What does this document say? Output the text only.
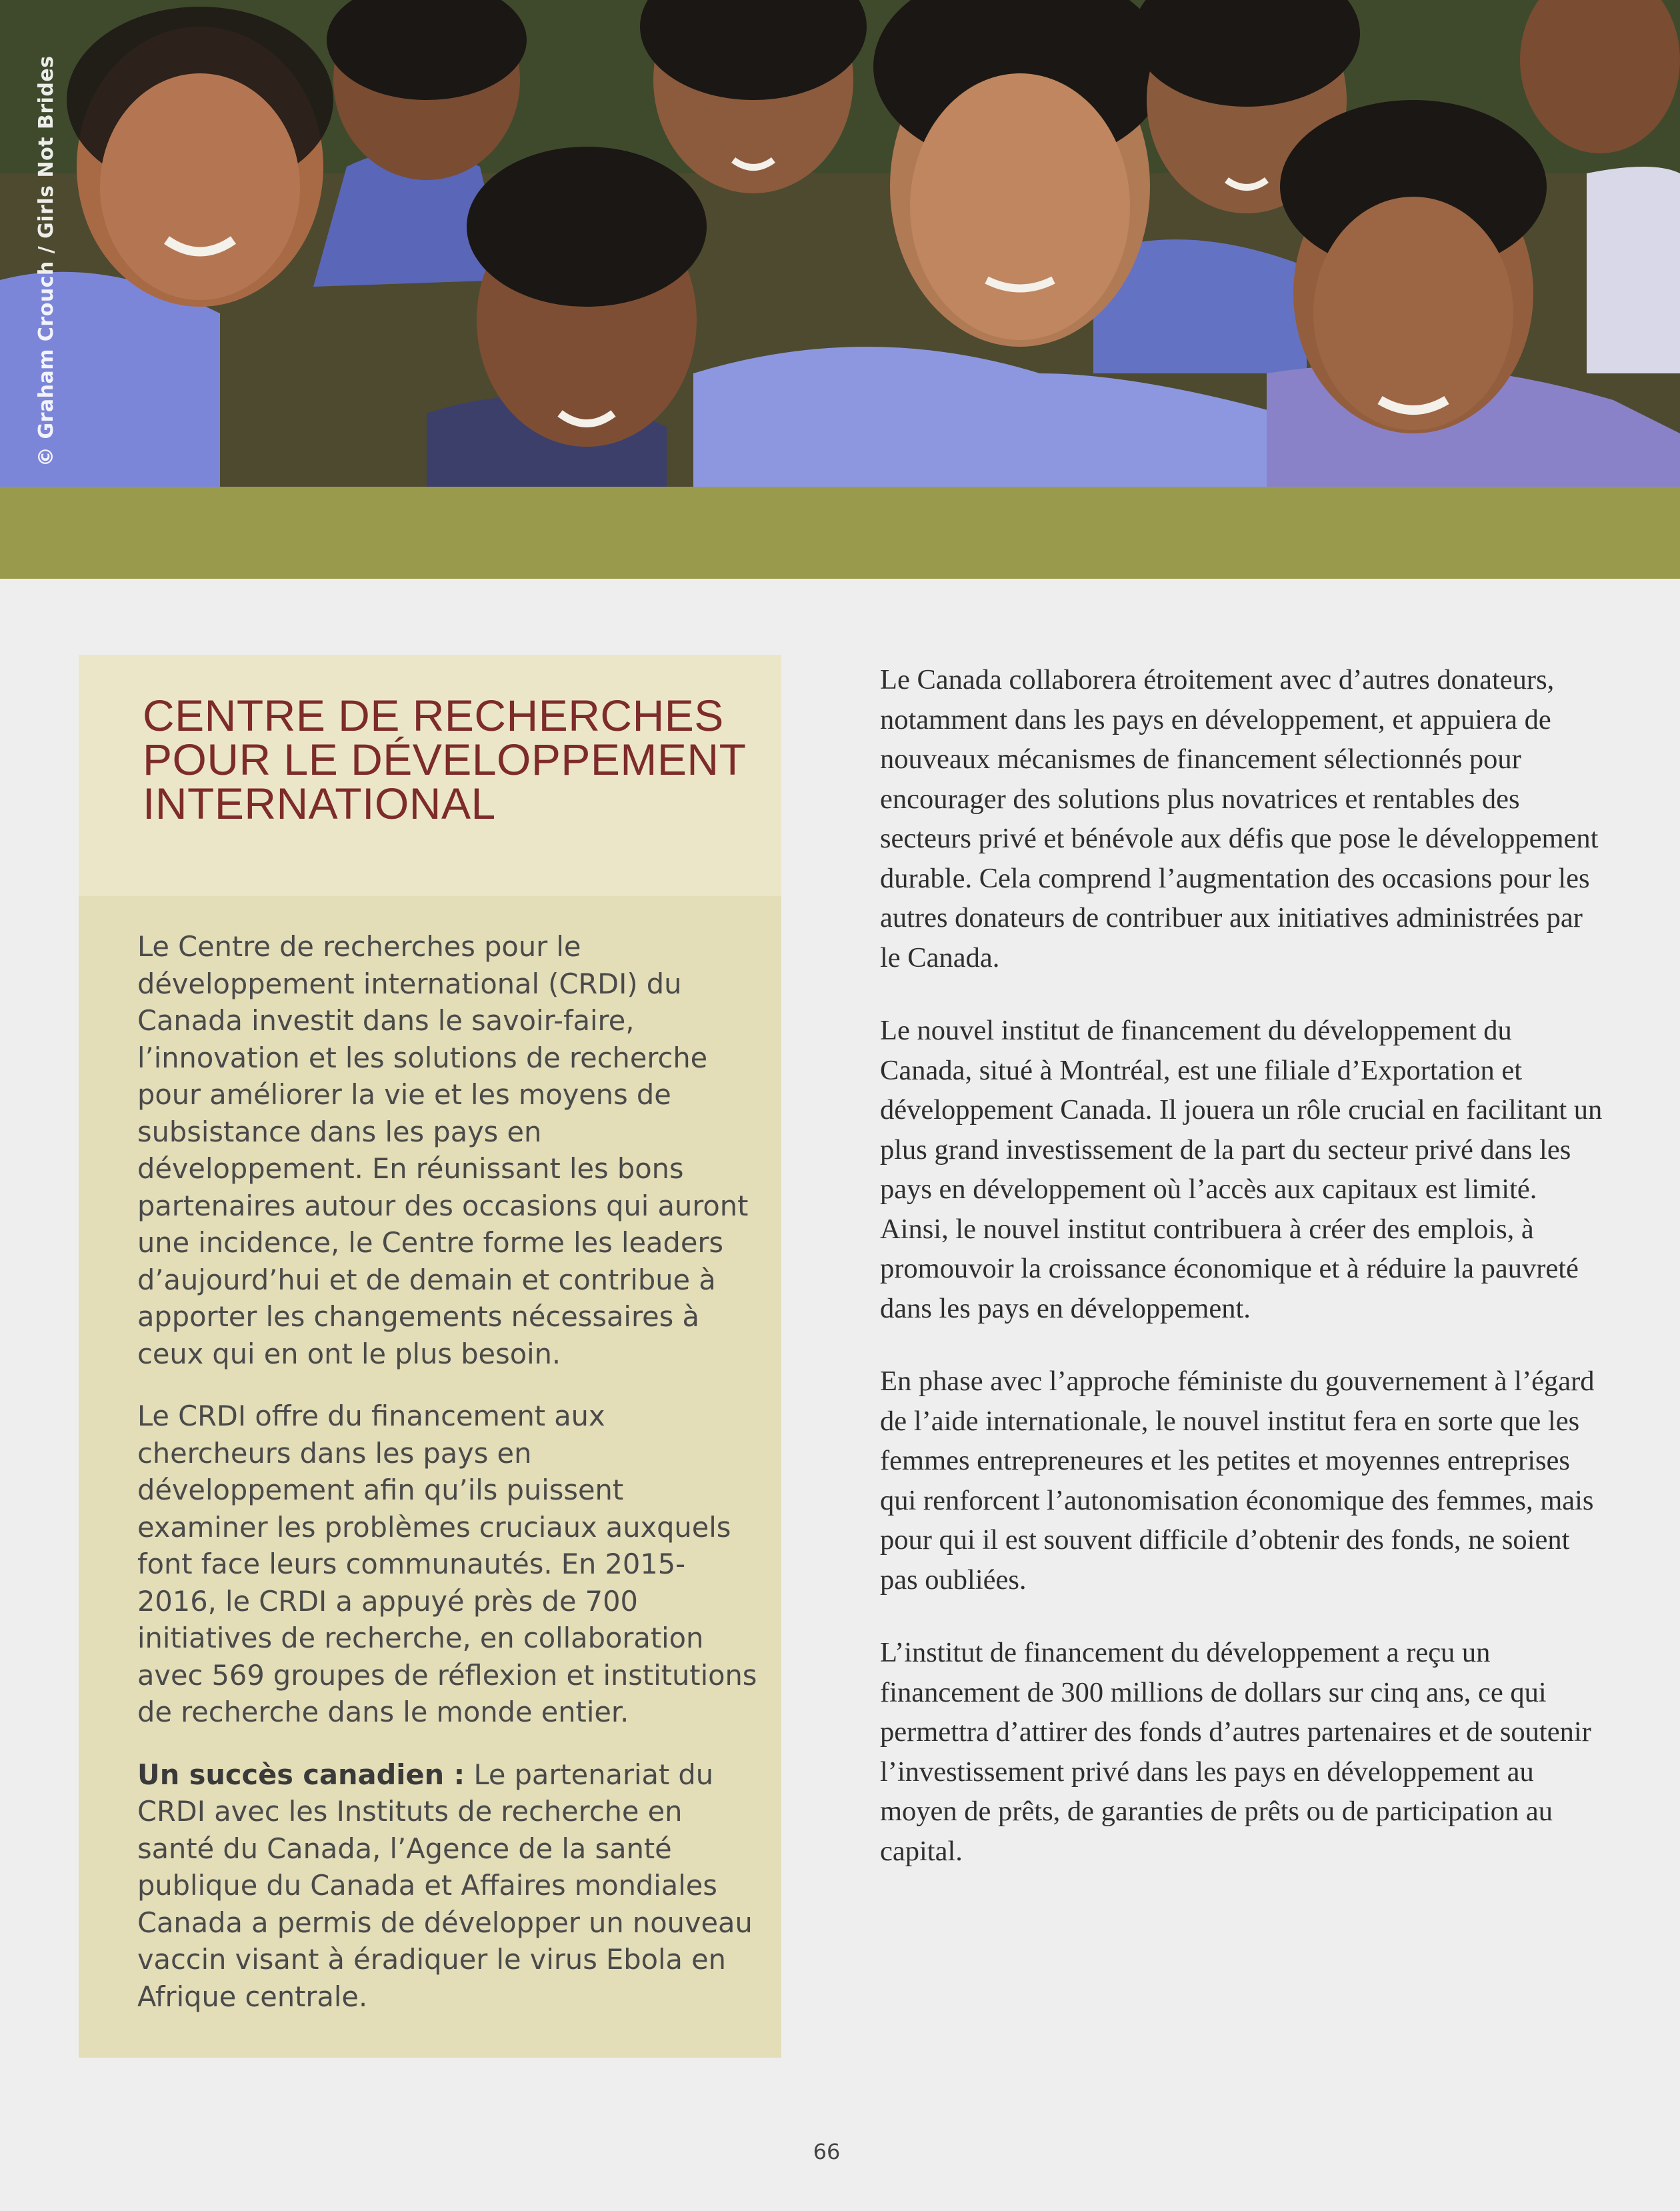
© Graham Crouch / Girls Not Brides
CENTRE DE RECHERCHES POUR LE DÉVELOPPEMENT INTERNATIONAL

Le Centre de recherches pour le développement international (CRDI) du Canada investit dans le savoir-faire, l’innovation et les solutions de recherche pour améliorer la vie et les moyens de subsistance dans les pays en développement. En réunissant les bons partenaires autour des occasions qui auront une incidence, le Centre forme les leaders d’aujourd’hui et de demain et contribue à apporter les changements nécessaires à ceux qui en ont le plus besoin.

Le CRDI offre du financement aux chercheurs dans les pays en développement afin qu’ils puissent examiner les problèmes cruciaux auxquels font face leurs communautés. En 2015-2016, le CRDI a appuyé près de 700 initiatives de recherche, en collaboration avec 569 groupes de réflexion et institutions de recherche dans le monde entier.

Un succès canadien : Le partenariat du CRDI avec les Instituts de recherche en santé du Canada, l’Agence de la santé publique du Canada et Affaires mondiales Canada a permis de développer un nouveau vaccin visant à éradiquer le virus Ebola en Afrique centrale.

Le Canada collaborera étroitement avec d’autres donateurs, notamment dans les pays en développement, et appuiera de nouveaux mécanismes de financement sélectionnés pour encourager des solutions plus novatrices et rentables des secteurs privé et bénévole aux défis que pose le développement durable. Cela comprend l’augmentation des occasions pour les autres donateurs de contribuer aux initiatives administrées par le Canada.

Le nouvel institut de financement du développement du Canada, situé à Montréal, est une filiale d’Exportation et développement Canada. Il jouera un rôle crucial en facilitant un plus grand investissement de la part du secteur privé dans les pays en développement où l’accès aux capitaux est limité. Ainsi, le nouvel institut contribuera à créer des emplois, à promouvoir la croissance économique et à réduire la pauvreté dans les pays en développement.

En phase avec l’approche féministe du gouvernement à l’égard de l’aide internationale, le nouvel institut fera en sorte que les femmes entrepreneures et les petites et moyennes entreprises qui renforcent l’autonomisation économique des femmes, mais pour qui il est souvent difficile d’obtenir des fonds, ne soient pas oubliées.

L’institut de financement du développement a reçu un financement de 300 millions de dollars sur cinq ans, ce qui permettra d’attirer des fonds d’autres partenaires et de soutenir l’investissement privé dans les pays en développement au moyen de prêts, de garanties de prêts ou de participation au capital.

66
